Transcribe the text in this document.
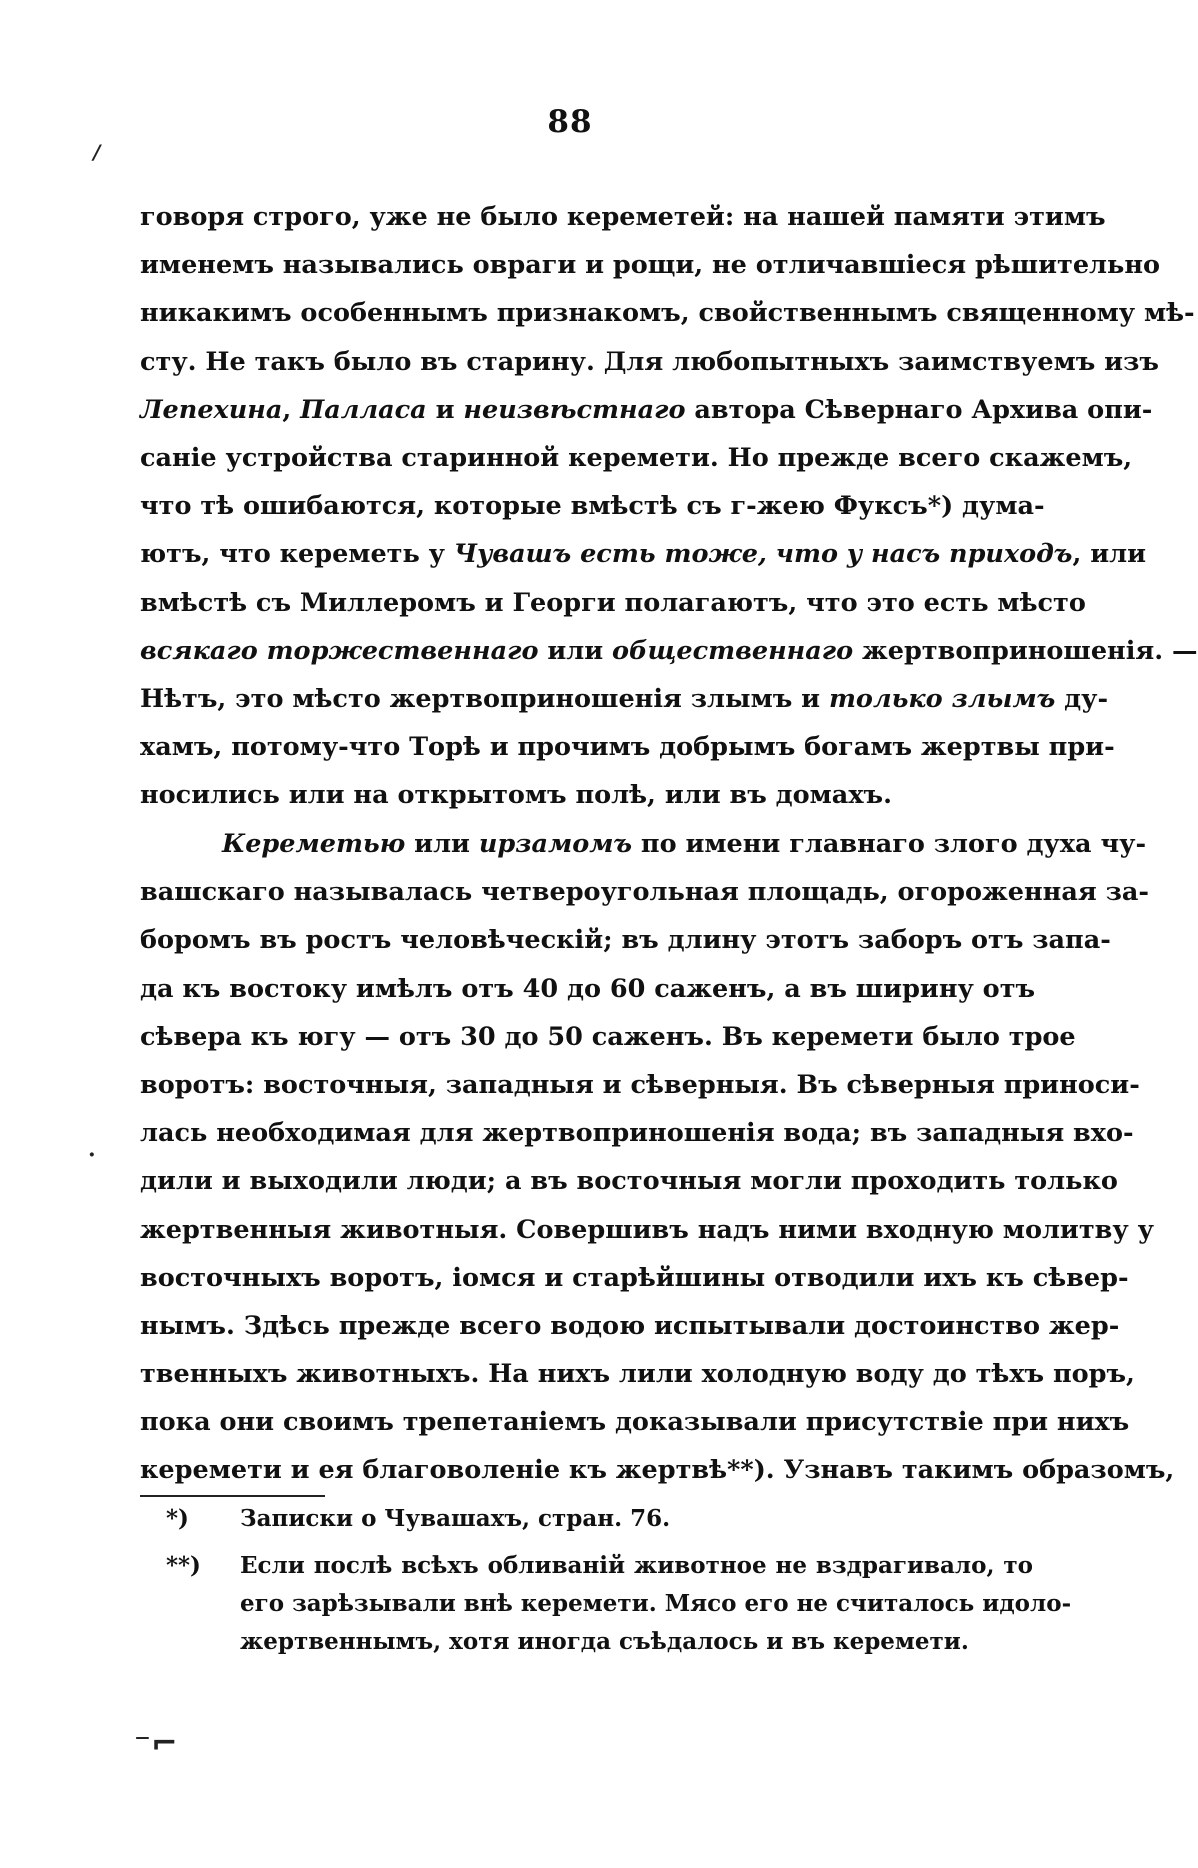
88
/
·
говоря строго, уже не было кереметей: на нашей памяти этимъ
именемъ назывались овраги и рощи, не отличавшіеся рѣшительно
никакимъ особеннымъ признакомъ, свойственнымъ священному мѣ-
сту. Не такъ было въ старину. Для любопытныхъ заимствуемъ изъ
Лепехина, Палласа и неизвѣстнаго автора Сѣвернаго Архива опи-
саніе устройства старинной керемети. Но прежде всего скажемъ,
что тѣ ошибаются, которые вмѣстѣ съ г-жею Фуксъ*) дума-
ютъ, что кереметь у Чувашъ есть тоже, что у насъ приходъ, или
вмѣстѣ съ Миллеромъ и Георги полагаютъ, что это есть мѣсто
всякаго торжественнаго или общественнаго жертвоприношенія. —
Нѣтъ, это мѣсто жертвоприношенія злымъ и только злымъ ду-
хамъ, потому-что Торѣ и прочимъ добрымъ богамъ жертвы при-
носились или на открытомъ полѣ, или въ домахъ.
Кереметью или ирзамомъ по имени главнаго злого духа чу-
вашскаго называлась четвероугольная площадь, огороженная за-
боромъ въ ростъ человѣческій; въ длину этотъ заборъ отъ запа-
да къ востоку имѣлъ отъ 40 до 60 саженъ, а въ ширину отъ
сѣвера къ югу — отъ 30 до 50 саженъ. Въ керемети было трое
воротъ: восточныя, западныя и сѣверныя. Въ сѣверныя приноси-
лась необходимая для жертвоприношенія вода; въ западныя вхо-
дили и выходили люди; а въ восточныя могли проходить только
жертвенныя животныя. Совершивъ надъ ними входную молитву у
восточныхъ воротъ, іомся и старѣйшины отводили ихъ къ сѣвер-
нымъ. Здѣсь прежде всего водою испытывали достоинство жер-
твенныхъ животныхъ. На нихъ лили холодную воду до тѣхъ поръ,
пока они своимъ трепетаніемъ доказывали присутствіе при нихъ
керемети и ея благоволеніе къ жертвѣ**). Узнавъ такимъ образомъ,
*) Записки о Чувашахъ, стран. 76.
**) Если послѣ всѣхъ обливаній животное не вздрагивало, то
его зарѣзывали внѣ керемети. Мясо его не считалось идоло-
жертвеннымъ, хотя иногда съѣдалось и въ керемети.
⁻⌐
